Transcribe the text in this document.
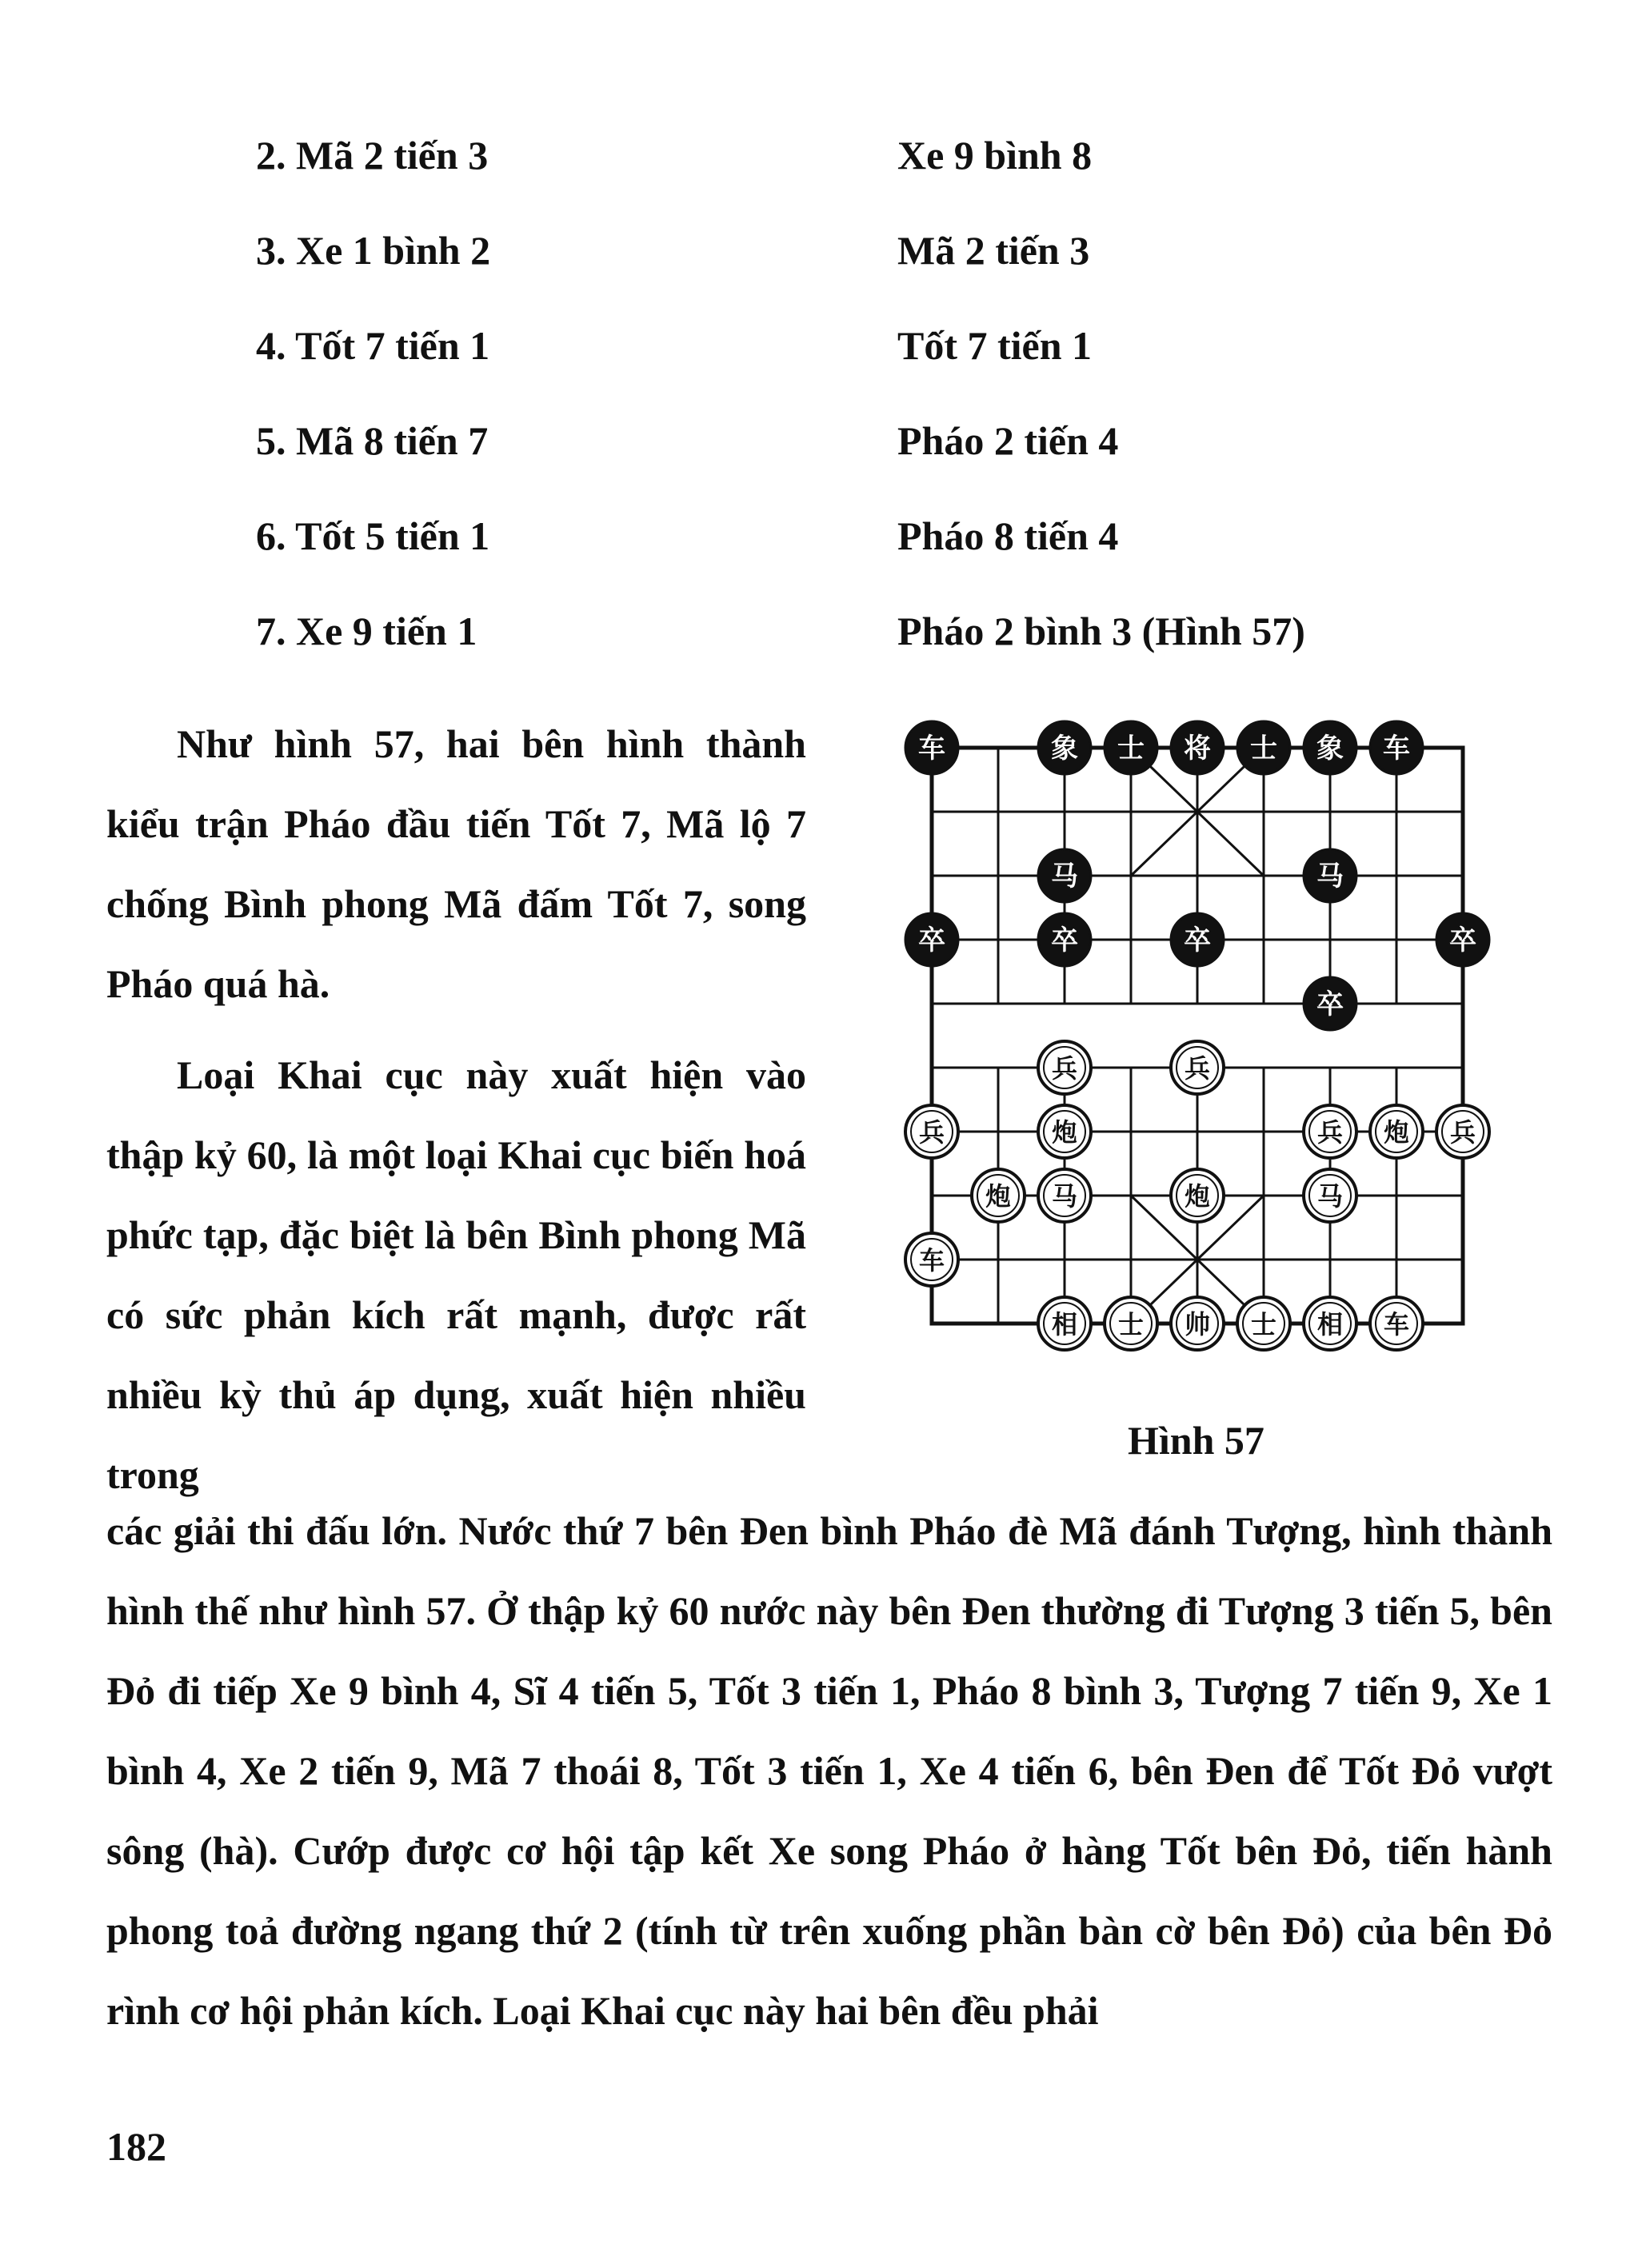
2. Mã 2 tiến 3	Xe 9 bình 8
3. Xe 1 bình 2	Mã 2 tiến 3
4. Tốt 7 tiến 1	Tốt 7 tiến 1
5. Mã 8 tiến 7	Pháo 2 tiến 4
6. Tốt 5 tiến 1	Pháo 8 tiến 4
7. Xe 9 tiến 1	Pháo 2 bình 3 (Hình 57)

Như hình 57, hai bên hình thành kiểu trận Pháo đầu tiến Tốt 7, Mã lộ 7 chống Bình phong Mã đấm Tốt 7, song Pháo quá hà.

Loại Khai cục này xuất hiện vào thập kỷ 60, là một loại Khai cục biến hoá phức tạp, đặc biệt là bên Bình phong Mã có sức phản kích rất mạnh, được rất nhiều kỳ thủ áp dụng, xuất hiện nhiều trong

车	象 士 将 士 象 车
马	马
卒	卒	卒	卒
卒
兵	兵
兵	炮	兵 炮 兵
炮 马	炮	马
车
相 士 帅 士 相 车
Hình 57

các giải thi đấu lớn. Nước thứ 7 bên Đen bình Pháo đè Mã đánh Tượng, hình thành hình thế như hình 57. Ở thập kỷ 60 nước này bên Đen thường đi Tượng 3 tiến 5, bên Đỏ đi tiếp Xe 9 bình 4, Sĩ 4 tiến 5, Tốt 3 tiến 1, Pháo 8 bình 3, Tượng 7 tiến 9, Xe 1 bình 4, Xe 2 tiến 9, Mã 7 thoái 8, Tốt 3 tiến 1, Xe 4 tiến 6, bên Đen để Tốt Đỏ vượt sông (hà). Cướp được cơ hội tập kết Xe song Pháo ở hàng Tốt bên Đỏ, tiến hành phong toả đường ngang thứ 2 (tính từ trên xuống phần bàn cờ bên Đỏ) của bên Đỏ rình cơ hội phản kích. Loại Khai cục này hai bên đều phải

182
